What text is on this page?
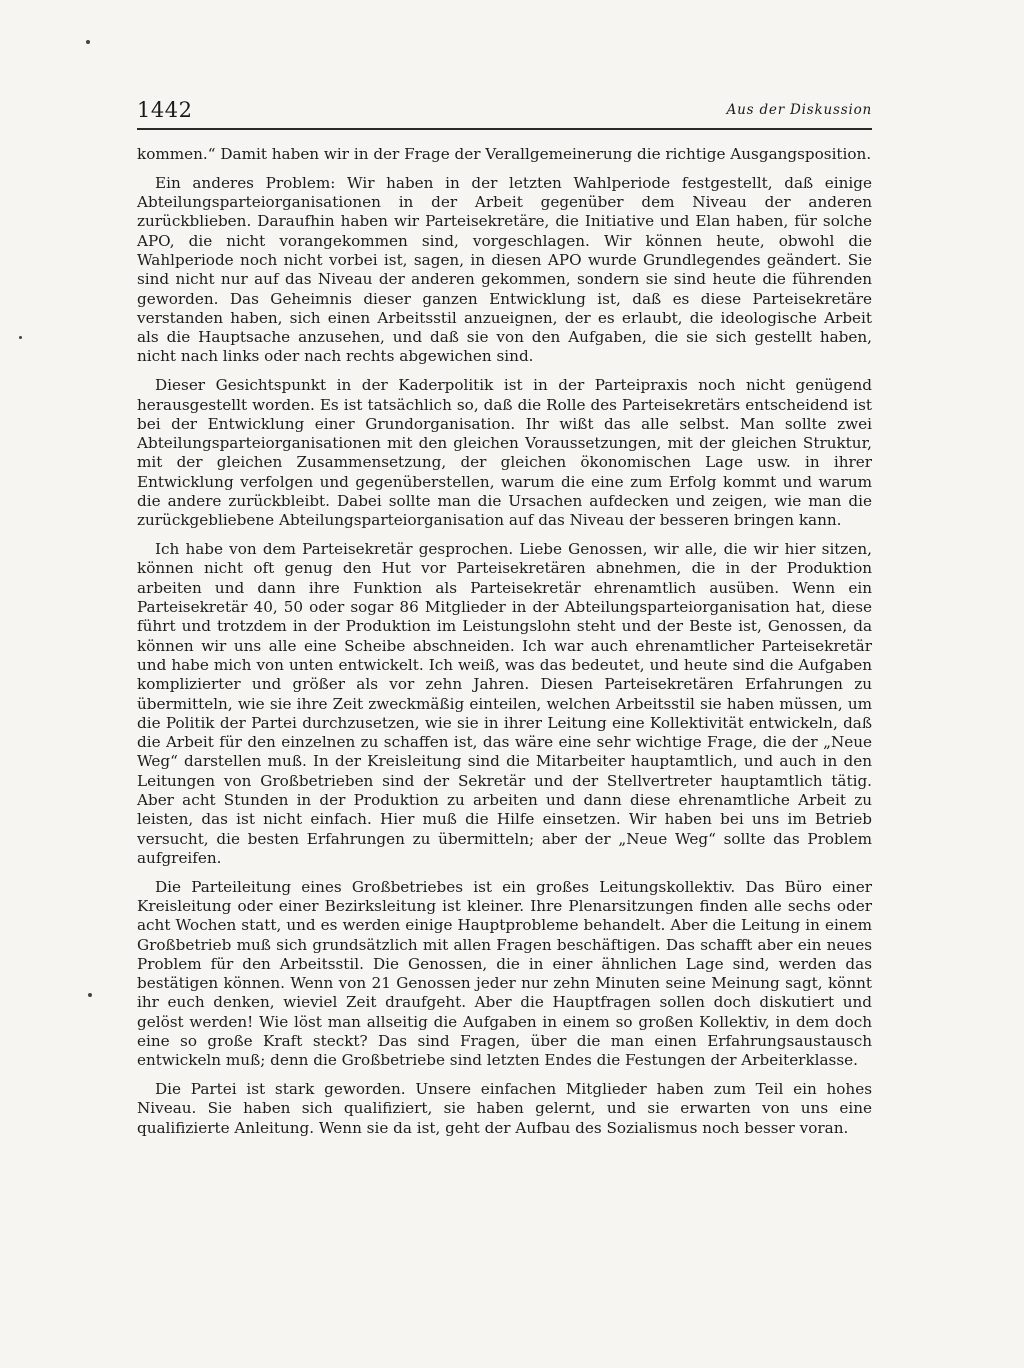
1442	Aus der Diskussion

kommen.“ Damit haben wir in der Frage der Verallgemeinerung die richtige Ausgangsposition.

Ein anderes Problem: Wir haben in der letzten Wahlperiode festgestellt, daß einige Abteilungsparteiorganisationen in der Arbeit gegenüber dem Niveau der anderen zurückblieben. Daraufhin haben wir Parteisekretäre, die Initiative und Elan haben, für solche APO, die nicht vorangekommen sind, vorgeschlagen. Wir können heute, obwohl die Wahlperiode noch nicht vorbei ist, sagen, in diesen APO wurde Grundlegendes geändert. Sie sind nicht nur auf das Niveau der anderen gekommen, sondern sie sind heute die führenden geworden. Das Geheimnis dieser ganzen Entwicklung ist, daß es diese Parteisekretäre verstanden haben, sich einen Arbeitsstil anzueignen, der es erlaubt, die ideologische Arbeit als die Hauptsache anzusehen, und daß sie von den Aufgaben, die sie sich gestellt haben, nicht nach links oder nach rechts abgewichen sind.

Dieser Gesichtspunkt in der Kaderpolitik ist in der Parteipraxis noch nicht genügend herausgestellt worden. Es ist tatsächlich so, daß die Rolle des Parteisekretärs entscheidend ist bei der Entwicklung einer Grundorganisation. Ihr wißt das alle selbst. Man sollte zwei Abteilungsparteiorganisationen mit den gleichen Voraussetzungen, mit der gleichen Struktur, mit der gleichen Zusammensetzung, der gleichen ökonomischen Lage usw. in ihrer Entwicklung verfolgen und gegenüberstellen, warum die eine zum Erfolg kommt und warum die andere zurückbleibt. Dabei sollte man die Ursachen aufdecken und zeigen, wie man die zurückgebliebene Abteilungsparteiorganisation auf das Niveau der besseren bringen kann.

Ich habe von dem Parteisekretär gesprochen. Liebe Genossen, wir alle, die wir hier sitzen, können nicht oft genug den Hut vor Parteisekretären abnehmen, die in der Produktion arbeiten und dann ihre Funktion als Parteisekretär ehrenamtlich ausüben. Wenn ein Parteisekretär 40, 50 oder sogar 86 Mitglieder in der Abteilungsparteiorganisation hat, diese führt und trotzdem in der Produktion im Leistungslohn steht und der Beste ist, Genossen, da können wir uns alle eine Scheibe abschneiden. Ich war auch ehrenamtlicher Parteisekretär und habe mich von unten entwickelt. Ich weiß, was das bedeutet, und heute sind die Aufgaben komplizierter und größer als vor zehn Jahren. Diesen Parteisekretären Erfahrungen zu übermitteln, wie sie ihre Zeit zweckmäßig einteilen, welchen Arbeitsstil sie haben müssen, um die Politik der Partei durchzusetzen, wie sie in ihrer Leitung eine Kollektivität entwickeln, daß die Arbeit für den einzelnen zu schaffen ist, das wäre eine sehr wichtige Frage, die der „Neue Weg“ darstellen muß. In der Kreisleitung sind die Mitarbeiter hauptamtlich, und auch in den Leitungen von Großbetrieben sind der Sekretär und der Stellvertreter hauptamtlich tätig. Aber acht Stunden in der Produktion zu arbeiten und dann diese ehrenamtliche Arbeit zu leisten, das ist nicht einfach. Hier muß die Hilfe einsetzen. Wir haben bei uns im Betrieb versucht, die besten Erfahrungen zu übermitteln; aber der „Neue Weg“ sollte das Problem aufgreifen.

Die Parteileitung eines Großbetriebes ist ein großes Leitungskollektiv. Das Büro einer Kreisleitung oder einer Bezirksleitung ist kleiner. Ihre Plenarsitzungen finden alle sechs oder acht Wochen statt, und es werden einige Hauptprobleme behandelt. Aber die Leitung in einem Großbetrieb muß sich grundsätzlich mit allen Fragen beschäftigen. Das schafft aber ein neues Problem für den Arbeitsstil. Die Genossen, die in einer ähnlichen Lage sind, werden das bestätigen können. Wenn von 21 Genossen jeder nur zehn Minuten seine Meinung sagt, könnt ihr euch denken, wieviel Zeit draufgeht. Aber die Hauptfragen sollen doch diskutiert und gelöst werden! Wie löst man allseitig die Aufgaben in einem so großen Kollektiv, in dem doch eine so große Kraft steckt? Das sind Fragen, über die man einen Erfahrungsaustausch entwickeln muß; denn die Großbetriebe sind letzten Endes die Festungen der Arbeiterklasse.

Die Partei ist stark geworden. Unsere einfachen Mitglieder haben zum Teil ein hohes Niveau. Sie haben sich qualifiziert, sie haben gelernt, und sie erwarten von uns eine qualifizierte Anleitung. Wenn sie da ist, geht der Aufbau des Sozialismus noch besser voran.
